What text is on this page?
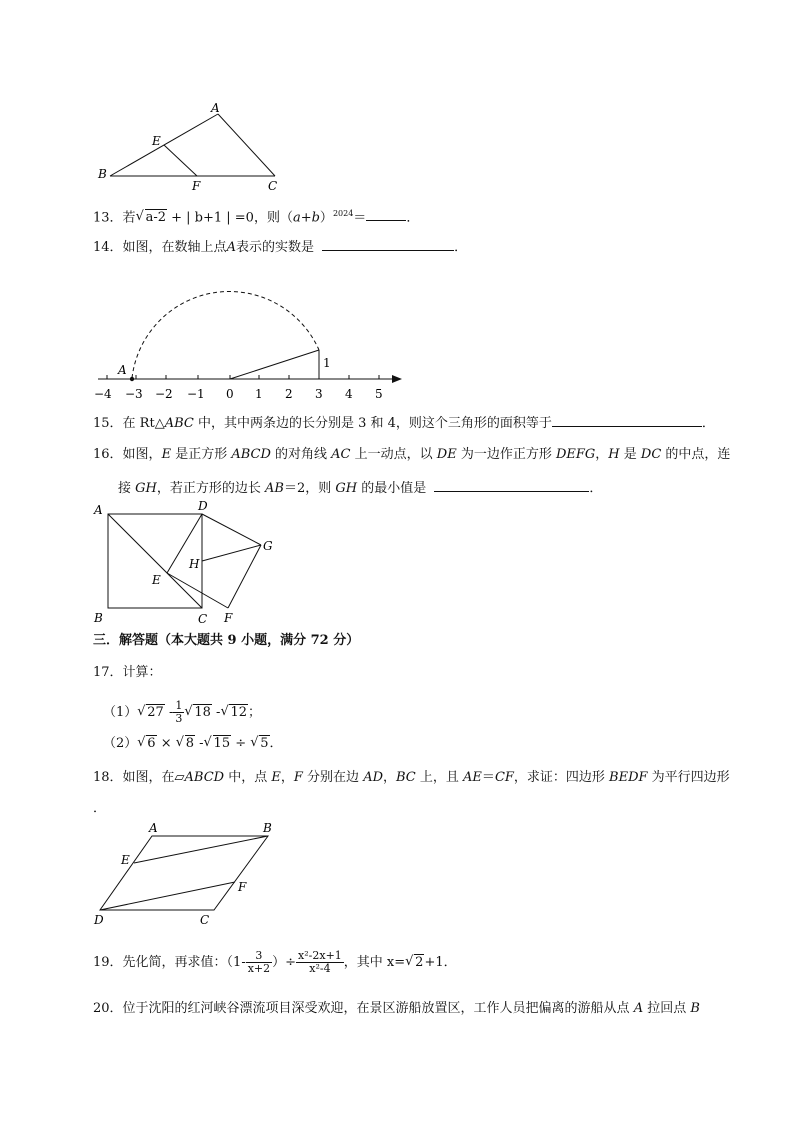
A
B
C
E
F
13．若 √ a-2 + | b+1 | =0，则$(a+b)^{2024}=$	．
14．如图，在数轴上点A表示的实数是	．
A	1
−4 −3 −2 −1 0 1 2 3 4 5
15．在 Rt△ABC 中，其中两条边的长分别是 3 和 4，则这个三角形的面积等于	．
16．如图，E 是正方形 ABCD 的对角线 AC 上一动点，以 DE 为一边作正方形 DEFG，H 是 DC 的中点，连
接 GH，若正方形的边长 AB＝2，则 GH 的最小值是	．
A
B	C
D
E
F
G
H
三．解答题（本大题共 9 小题，满分 72 分）
17．计算：
（1） √ $27 - \frac{1}{3}$ √ 18 - √ 12；
（2） √ 6 × √ 8 - √ 15 ÷ √ 5．
18．如图，在▱ABCD 中，点 E，F 分别在边 AD，BC 上，且 AE＝CF，求证：四边形 BEDF 为平行四边形
．
A	B
C
D
E
F
19．先化简，再求值：（$1- \frac{3}{x+2}$ ）÷ $\frac{\text{x²-2x+1}}{\text{x²-4}}$ ，其中 x= √ 2+1．
20．位于沈阳的红河峡谷漂流项目深受欢迎，在景区游船放置区，工作人员把偏离的游船从点 A 拉回点 B
